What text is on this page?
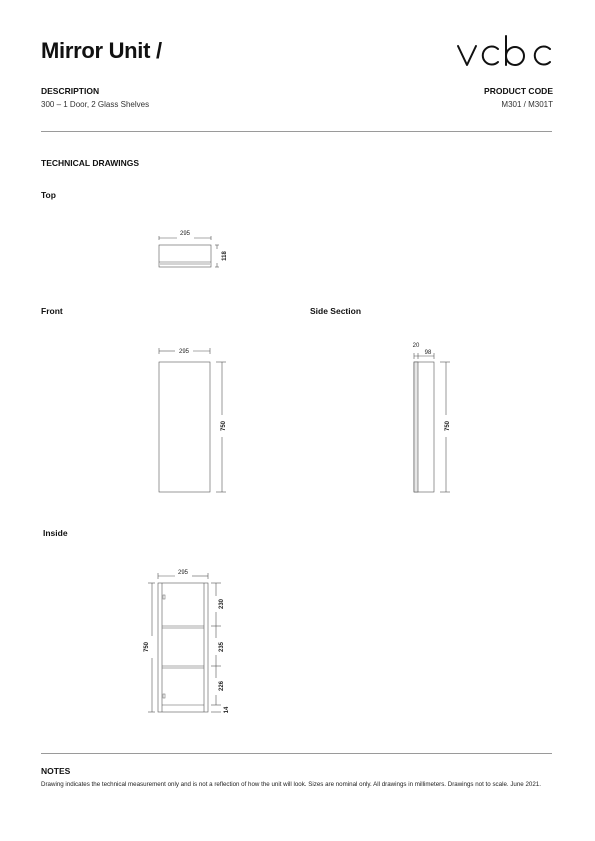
Mirror Unit /
DESCRIPTION
300 – 1 Door, 2 Glass Shelves
PRODUCT CODE
M301 / M301T
TECHNICAL DRAWINGS
Top
Front	Side Section
Inside
295
118
295
750
20
98
750
295
750
230
235
226
14
NOTES
Drawing indicates the technical measurement only and is not a reflection of how the unit will look. Sizes are nominal only. All drawings in millimeters. Drawings not to scale. June 2021.
